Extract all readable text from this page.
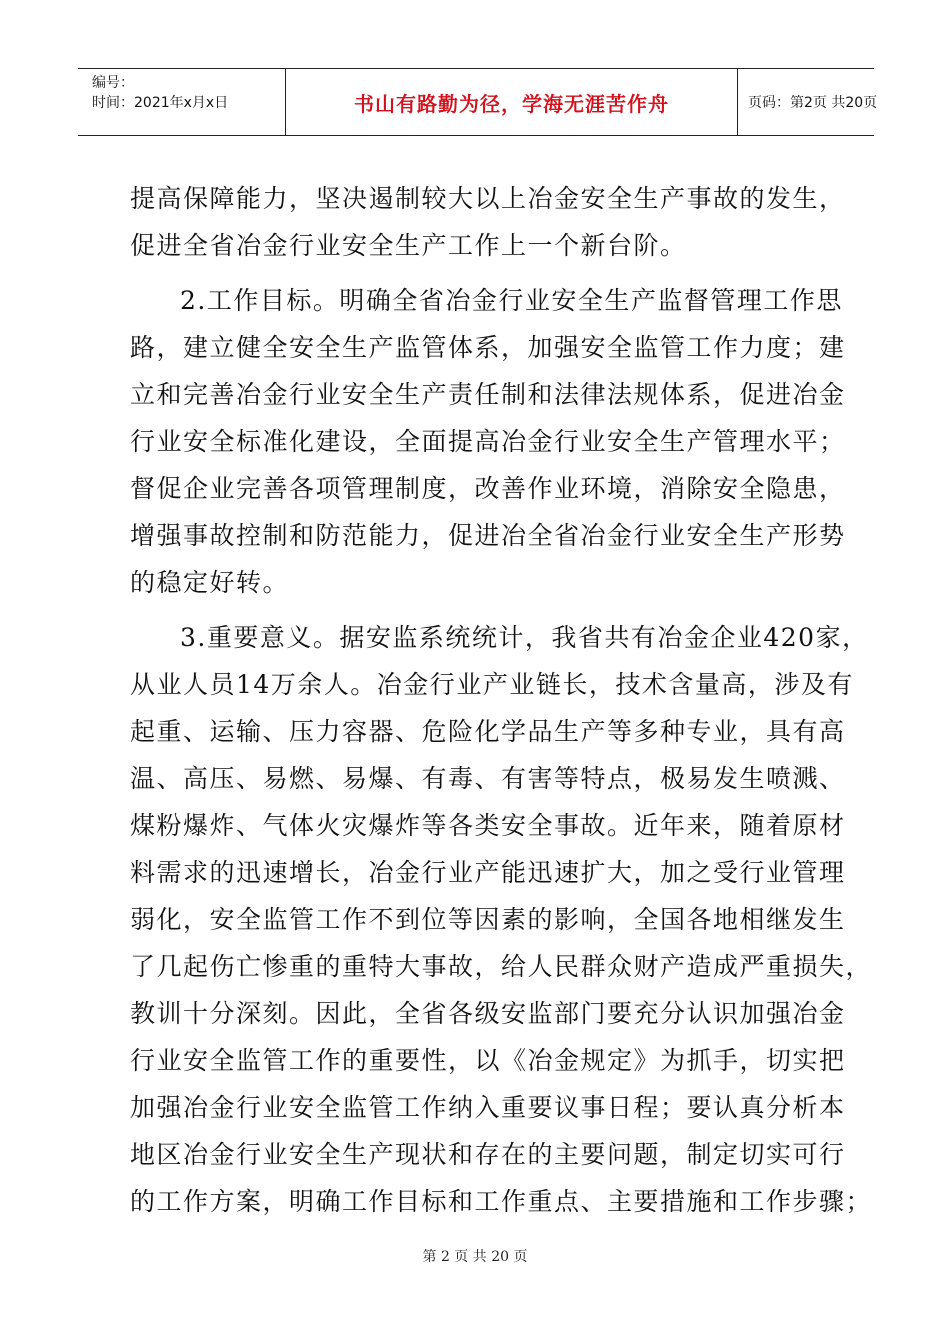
编号：
时间：2021年x月x日	书山有路勤为径，学海无涯苦作舟	页码：第2页 共20页
提高保障能力，坚决遏制较大以上冶金安全生产事故的发生，
促进全省冶金行业安全生产工作上一个新台阶。
2.工作目标。明确全省冶金行业安全生产监督管理工作思
路，建立健全安全生产监管体系，加强安全监管工作力度；建
立和完善冶金行业安全生产责任制和法律法规体系，促进冶金
行业安全标准化建设，全面提高冶金行业安全生产管理水平；
督促企业完善各项管理制度，改善作业环境，消除安全隐患，
增强事故控制和防范能力，促进冶全省冶金行业安全生产形势
的稳定好转。
3.重要意义。据安监系统统计，我省共有冶金企业420家，
从业人员14万余人。冶金行业产业链长，技术含量高，涉及有
起重、运输、压力容器、危险化学品生产等多种专业，具有高
温、高压、易燃、易爆、有毒、有害等特点，极易发生喷溅、
煤粉爆炸、气体火灾爆炸等各类安全事故。近年来，随着原材
料需求的迅速增长，冶金行业产能迅速扩大，加之受行业管理
弱化，安全监管工作不到位等因素的影响，全国各地相继发生
了几起伤亡惨重的重特大事故，给人民群众财产造成严重损失，
教训十分深刻。因此，全省各级安监部门要充分认识加强冶金
行业安全监管工作的重要性，以《冶金规定》为抓手，切实把
加强冶金行业安全监管工作纳入重要议事日程；要认真分析本
地区冶金行业安全生产现状和存在的主要问题，制定切实可行
的工作方案，明确工作目标和工作重点、主要措施和工作步骤；
第 2 页 共 20 页
